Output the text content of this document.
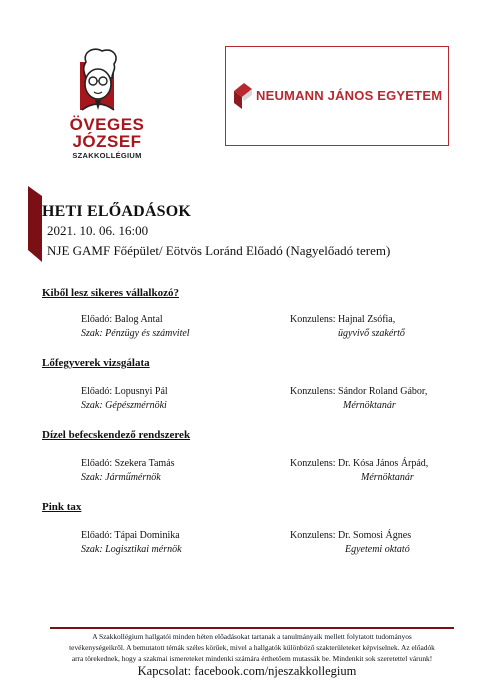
ÖVEGES
JÓZSEF
SZAKKOLLÉGIUM
NEUMANN JÁNOS EGYETEM
HETI ELŐADÁSOK
2021. 10. 06. 16:00
NJE GAMF Főépület/ Eötvös Loránd Előadó (Nagyelőadó terem)
Kiből lesz sikeres vállalkozó?
Előadó: Balog Antal
Szak: Pénzügy és számvitel
Konzulens: Hajnal Zsófia,
ügyvivő szakértő
Lőfegyverek vizsgálata
Előadó: Lopusnyi Pál
Szak: Gépészmérnöki
Konzulens: Sándor Roland Gábor,
Mérnöktanár
Dízel befecskendező rendszerek
Előadó: Szekera Tamás
Szak: Járműmérnök
Konzulens: Dr. Kósa János Árpád,
Mérnöktanár
Pink tax
Előadó: Tápai Dominika
Szak: Logisztikai mérnök
Konzulens: Dr. Somosi Ágnes
Egyetemi oktató
A Szakkollégium hallgatói minden héten előadásokat tartanak a tanulmányaik mellett folytatott tudományos
tevékenységeikről. A bemutatott témák széles körűek, mivel a hallgatók különböző szakterületeket képviselnek. Az előadók
arra törekednek, hogy a szakmai ismereteket mindenki számára érthetőem mutassák be. Mindenkit sok szeretettel várunk!
Kapcsolat: facebook.com/njeszakkollegium
